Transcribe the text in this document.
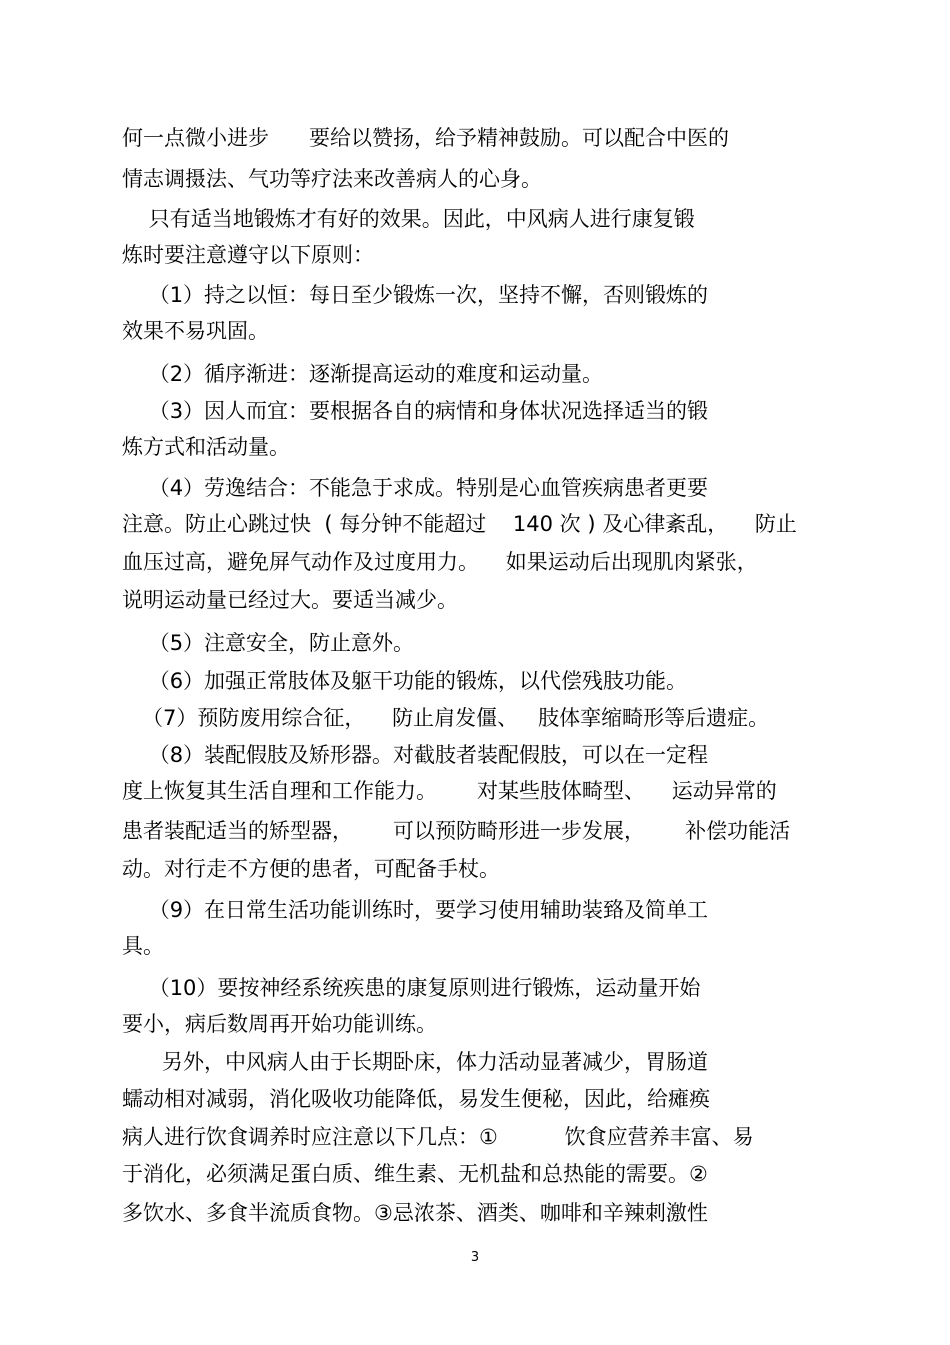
何一点微小进步      要给以赞扬，给予精神鼓励。可以配合中医的
情志调摄法、气功等疗法来改善病人的心身。
只有适当地锻炼才有好的效果。因此，中风病人进行康复锻
炼时要注意遵守以下原则：
（1）持之以恒：每日至少锻炼一次，坚持不懈，否则锻炼的
效果不易巩固。
（2）循序渐进：逐渐提高运动的难度和运动量。
（3）因人而宜：要根据各自的病情和身体状况选择适当的锻
炼方式和活动量。
（4）劳逸结合：不能急于求成。特别是心血管疾病患者更要
注意。防止心跳过快  ( 每分钟不能超过    140 次 ) 及心律紊乱，    防止
血压过高，避免屏气动作及过度用力。    如果运动后出现肌肉紧张，
说明运动量已经过大。要适当减少。
（5）注意安全，防止意外。
（6）加强正常肢体及躯干功能的锻炼，以代偿残肢功能。
（7）预防废用综合征，    防止肩发僵、   肢体挛缩畸形等后遗症。
（8）装配假肢及矫形器。对截肢者装配假肢，可以在一定程
度上恢复其生活自理和工作能力。      对某些肢体畸型、    运动异常的
患者装配适当的矫型器，      可以预防畸形进一步发展，      补偿功能活
动。对行走不方便的患者，可配备手杖。
（9）在日常生活功能训练时，要学习使用辅助装臵及简单工
具。
（10）要按神经系统疾患的康复原则进行锻炼，运动量开始
要小，病后数周再开始功能训练。
另外，中风病人由于长期卧床，体力活动显著减少，胃肠道
蠕动相对减弱，消化吸收功能降低，易发生便秘，因此，给瘫痪
病人进行饮食调养时应注意以下几点：①          饮食应营养丰富、易
于消化，必须满足蛋白质、维生素、无机盐和总热能的需要。②
多饮水、多食半流质食物。③忌浓茶、酒类、咖啡和辛辣刺激性
3
